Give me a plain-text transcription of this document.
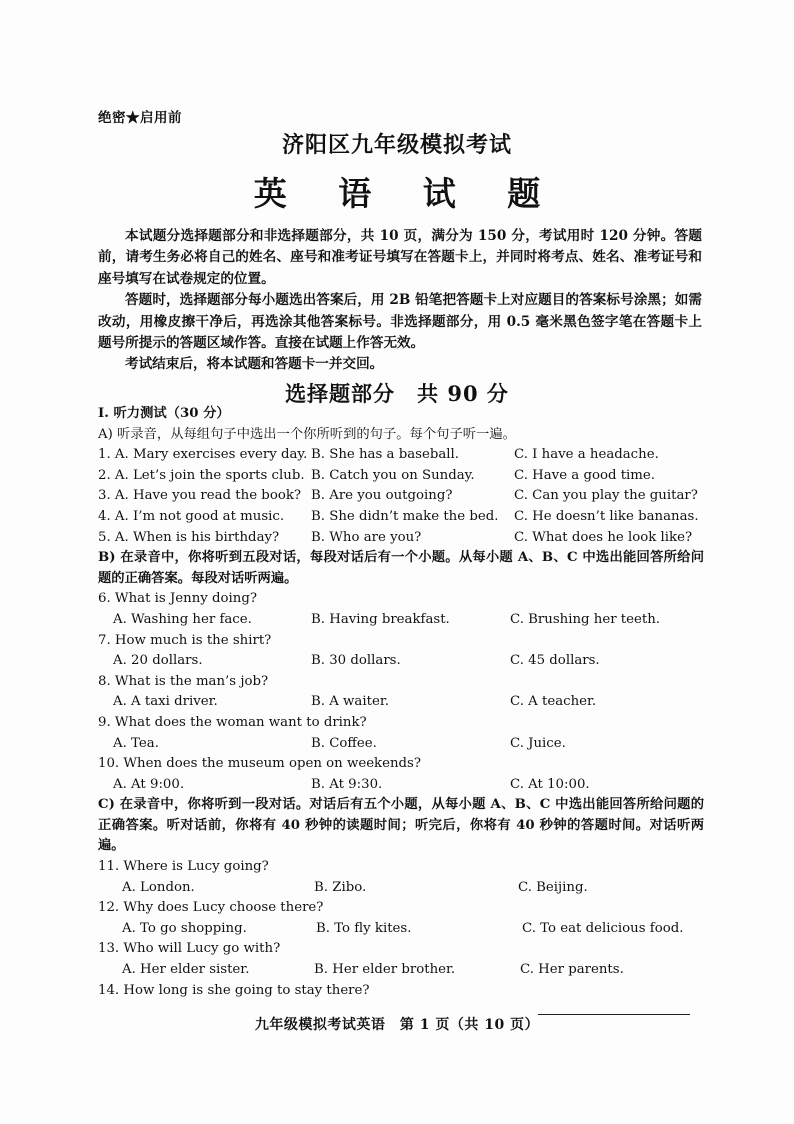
绝密★启用前
济阳区九年级模拟考试
英 语 试 题

本试题分选择题部分和非选择题部分，共 10 页，满分为 150 分，考试用时 120 分钟。答题前，请考生务必将自己的姓名、座号和准考证号填写在答题卡上，并同时将考点、姓名、准考证号和座号填写在试卷规定的位置。

答题时，选择题部分每小题选出答案后，用 2B 铅笔把答题卡上对应题目的答案标号涂黑；如需改动，用橡皮擦干净后，再选涂其他答案标号。非选择题部分，用 0.5 毫米黑色签字笔在答题卡上题号所提示的答题区域作答。直接在试题上作答无效。

考试结束后，将本试题和答题卡一并交回。

选择题部分　共 90 分
I. 听力测试（30 分）
A) 听录音，从每组句子中选出一个你所听到的句子。每个句子听一遍。
1. A. Mary exercises every day. B. She has a baseball.	C. I have a headache.
2. A. Let’s join the sports club. B. Catch you on Sunday.	C. Have a good time.
3. A. Have you read the book? B. Are you outgoing?	C. Can you play the guitar?
4. A. I’m not good at music. B. She didn’t make the bed. C. He doesn’t like bananas.
5. A. When is his birthday? B. Who are you?	C. What does he look like?
B) 在录音中，你将听到五段对话，每段对话后有一个小题。从每小题 A、B、C 中选出能回答所给问题的正确答案。每段对话听两遍。
6. What is Jenny doing?
A. Washing her face.	B. Having breakfast.	C. Brushing her teeth.
7. How much is the shirt?
A. 20 dollars.	B. 30 dollars.	C. 45 dollars.
8. What is the man’s job?
A. A taxi driver.	B. A waiter.	C. A teacher.
9. What does the woman want to drink?
A. Tea.	B. Coffee.	C. Juice.
10. When does the museum open on weekends?
A. At 9:00.	B. At 9:30.	C. At 10:00.
C) 在录音中，你将听到一段对话。对话后有五个小题，从每小题 A、B、C 中选出能回答所给问题的正确答案。听对话前，你将有 40 秒钟的读题时间；听完后，你将有 40 秒钟的答题时间。对话听两遍。
11. Where is Lucy going?
A. London.	B. Zibo.	C. Beijing.
12. Why does Lucy choose there?
A. To go shopping.	B. To fly kites.	C. To eat delicious food.
13. Who will Lucy go with?
A. Her elder sister.	B. Her elder brother.	C. Her parents.
14. How long is she going to stay there?
九年级模拟考试英语　第 1 页（共 10 页）
